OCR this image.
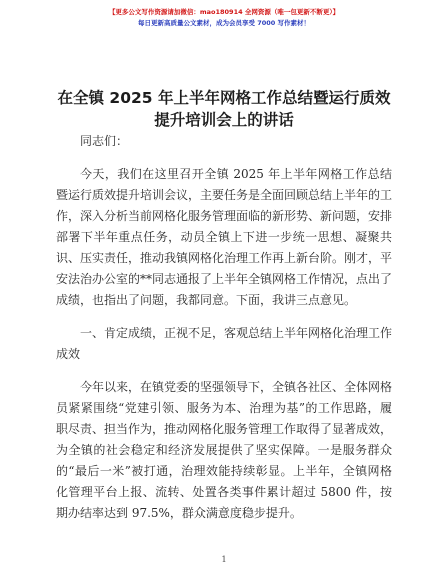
【更多公文写作资源请加微信：mao180914 全网资源（唯一包更新不断更）】
每日更新高质量公文素材，成为会员享受 7000 写作素材！
在全镇 2025 年上半年网格工作总结暨运行质效
提升培训会上的讲话

同志们：

今天，我们在这里召开全镇 2025 年上半年网格工作总结暨运行质效提升培训会议，主要任务是全面回顾总结上半年的工作，深入分析当前网格化服务管理面临的新形势、新问题，安排部署下半年重点任务，动员全镇上下进一步统一思想、凝聚共识、压实责任，推动我镇网格化治理工作再上新台阶。刚才，平安法治办公室的**同志通报了上半年全镇网格工作情况，点出了成绩，也指出了问题，我都同意。下面，我讲三点意见。

一、肯定成绩，正视不足，客观总结上半年网格化治理工作成效

今年以来，在镇党委的坚强领导下，全镇各社区、全体网格员紧紧围绕“党建引领、服务为本、治理为基”的工作思路，履职尽责、担当作为，推动网格化服务管理工作取得了显著成效，为全镇的社会稳定和经济发展提供了坚实保障。一是服务群众的“最后一米”被打通，治理效能持续彰显。上半年，全镇网格化管理平台上报、流转、处置各类事件累计超过 5800 件，按期办结率达到 97.5%，群众满意度稳步提升。

1
